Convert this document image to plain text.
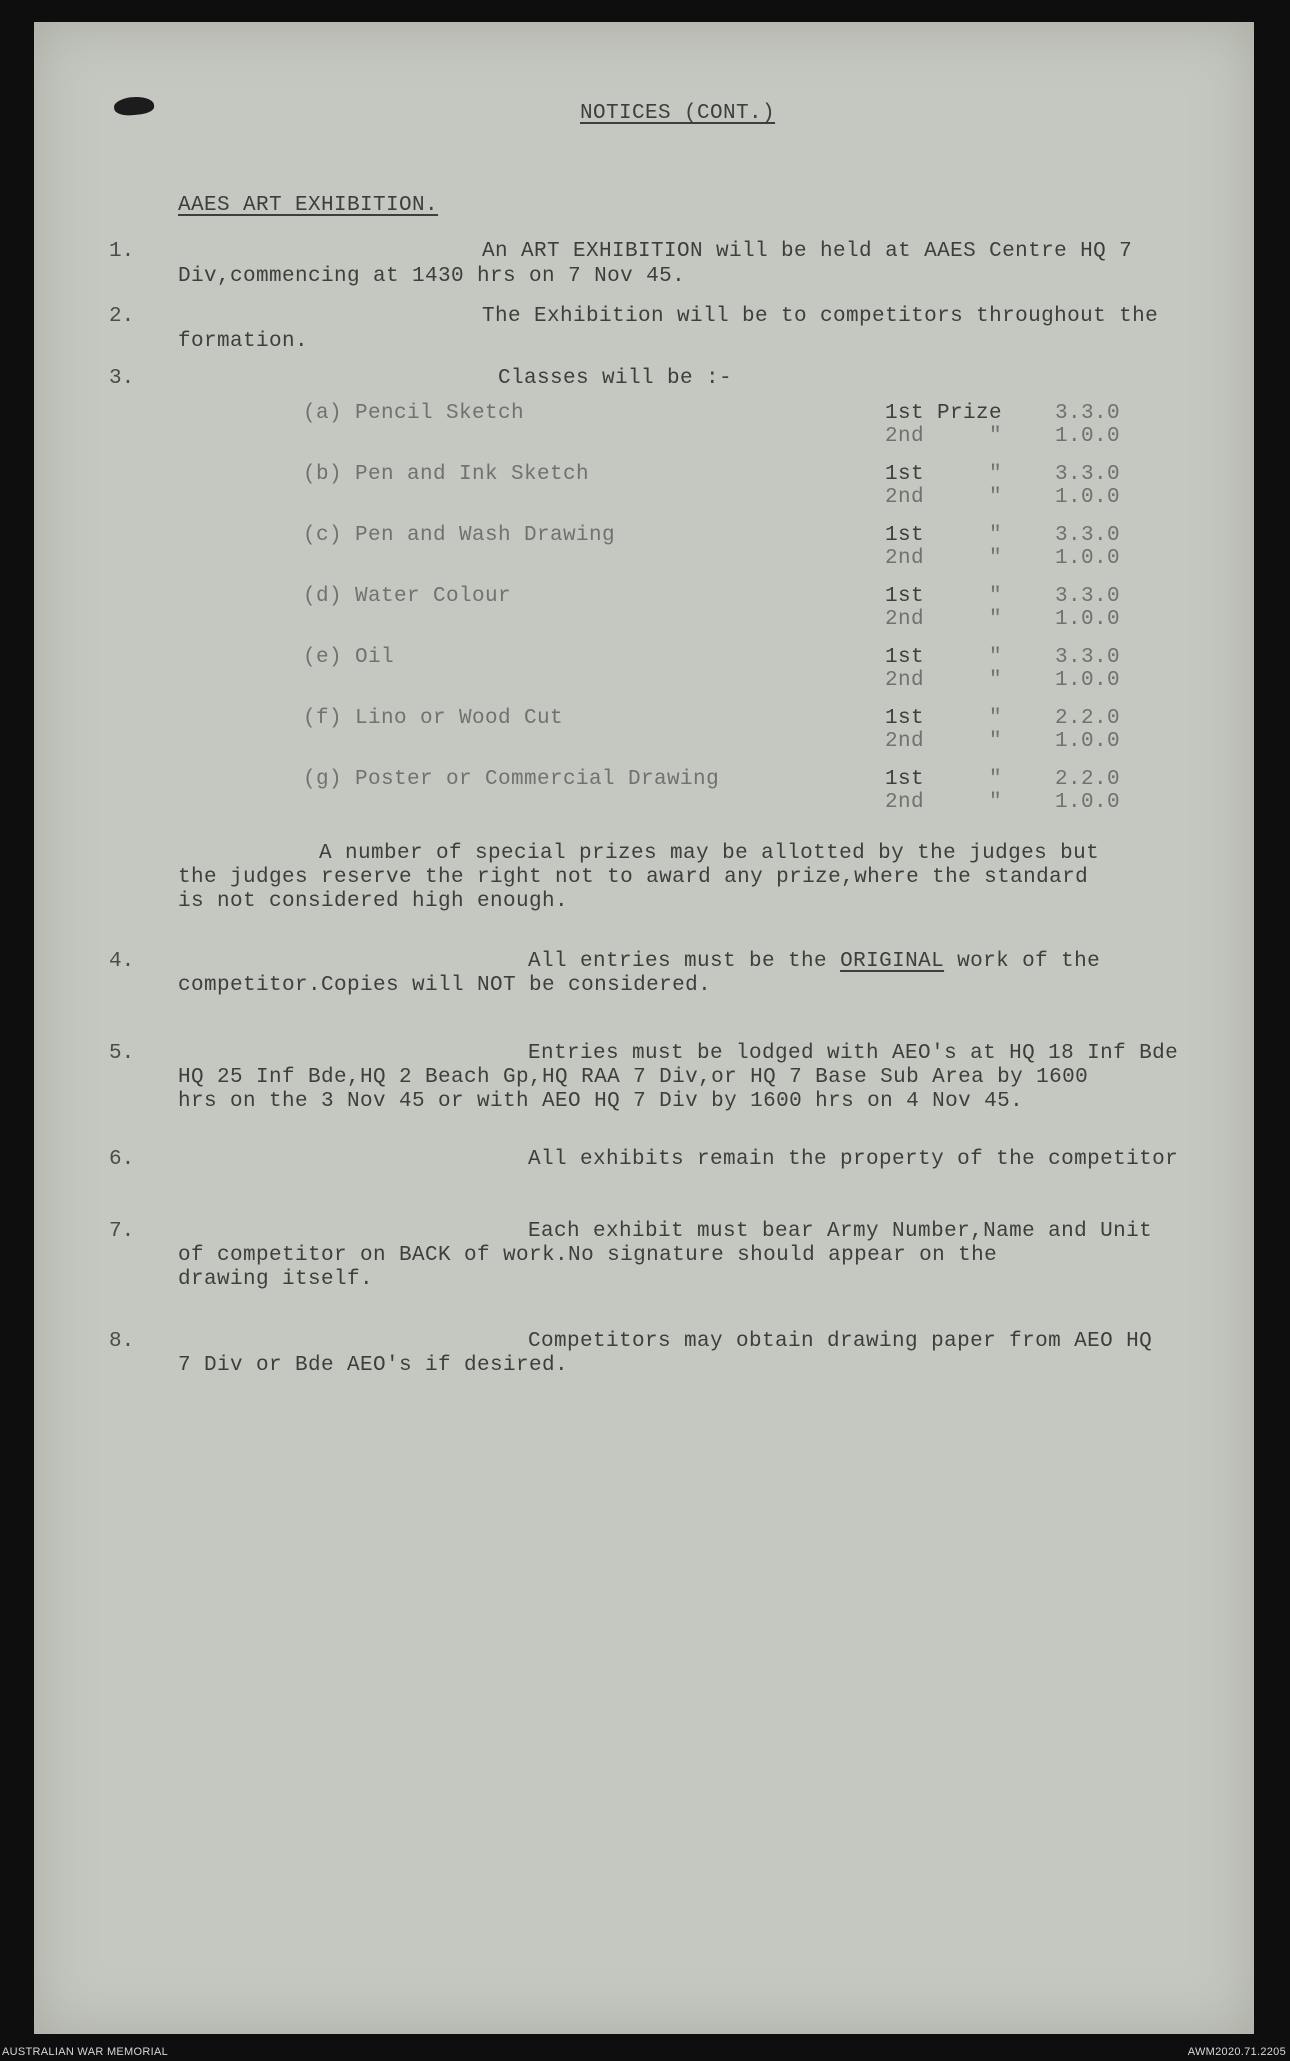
NOTICES (CONT.)
AAES ART EXHIBITION.
1.	An ART EXHIBITION will be held at AAES Centre HQ 7
Div,commencing at 1430 hrs on 7 Nov 45.
2.	The Exhibition will be to competitors throughout the
formation.
3.	Classes will be :-
(a) Pencil Sketch	1st Prize	3.3.0
2nd	"	1.0.0
(b) Pen and Ink Sketch	1st	"	3.3.0
2nd	"	1.0.0
(c) Pen and Wash Drawing	1st	"	3.3.0
2nd	"	1.0.0
(d) Water Colour	1st	"	3.3.0
2nd	"	1.0.0
(e) Oil	1st	"	3.3.0
2nd	"	1.0.0
(f) Lino or Wood Cut	1st	"	2.2.0
2nd	"	1.0.0
(g) Poster or Commercial Drawing	1st	"	2.2.0
2nd	"	1.0.0
A number of special prizes may be allotted by the judges but
the judges reserve the right not to award any prize,where the standard
is not considered high enough.
4.	All entries must be the ORIGINAL work of the
competitor.Copies will NOT be considered.
5.	Entries must be lodged with AEO's at HQ 18 Inf Bde
HQ 25 Inf Bde,HQ 2 Beach Gp,HQ RAA 7 Div,or HQ 7 Base Sub Area by 1600
hrs on the 3 Nov 45 or with AEO HQ 7 Div by 1600 hrs on 4 Nov 45.
6.	All exhibits remain the property of the competitor
7.	Each exhibit must bear Army Number,Name and Unit
of competitor on BACK of work.No signature should appear on the
drawing itself.
8.	Competitors may obtain drawing paper from AEO HQ
7 Div or Bde AEO's if desired.
AUSTRALIAN WAR MEMORIAL	AWM2020.71.2205
